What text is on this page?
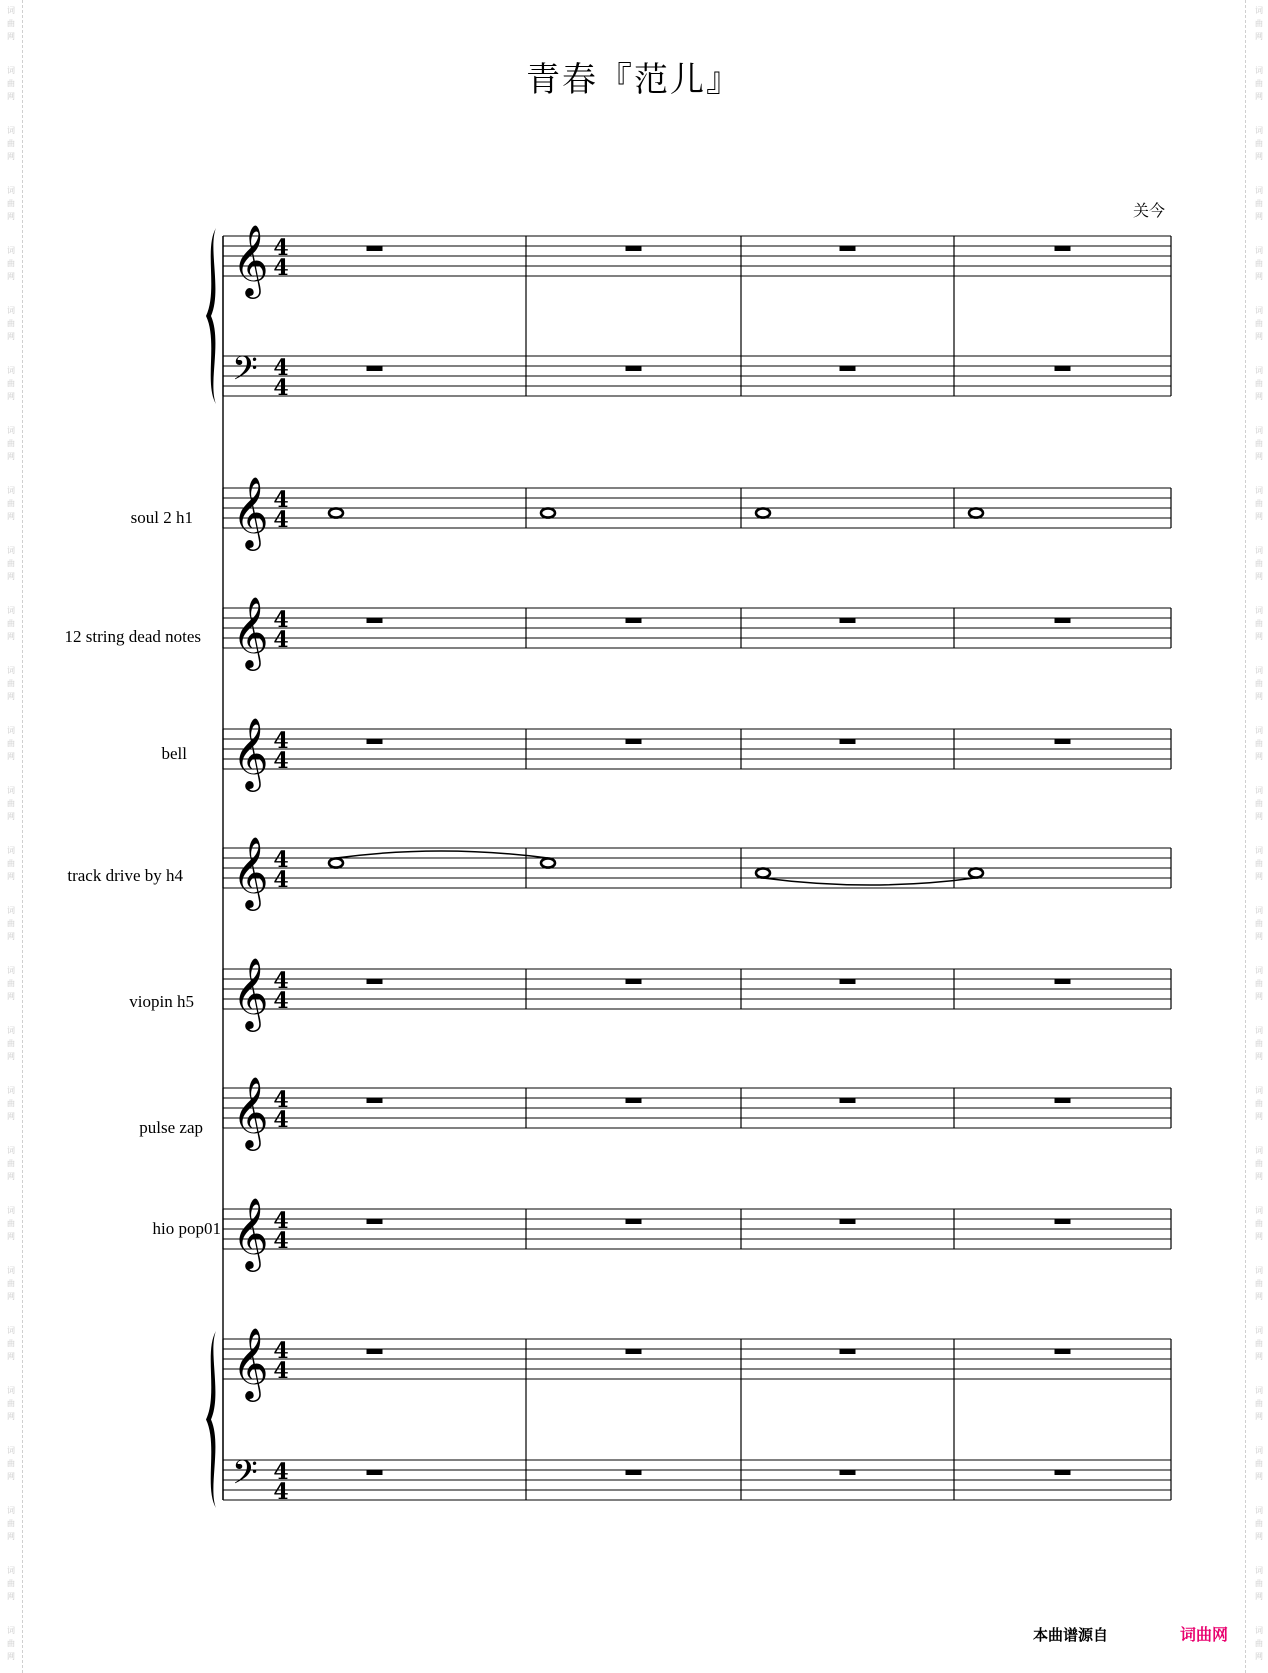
词
曲
网
词
曲
网
词
曲
网
词
曲
网
词
曲
网
词
曲
网
词
曲
网
词
曲
网
词
曲
网
词
曲
网
词
曲
网
词
曲
网
词
曲
网
词
曲
网
词
曲
网
词
曲
网
词
曲
网
词
曲
网
词
曲
网
词
曲
网
词
曲
网
词
曲
网
词
曲
网
词
曲
网
词
曲
网
词
曲
网
词
曲
网
词
曲
网
词
曲
网
词
曲
网
词
曲
网
词
曲
网
词
曲
网
词
曲
网
词
曲
网
词
曲
网
词
曲
网
词
曲
网
词
曲
网
词
曲
网
词
曲
网
词
曲
网
词
曲
网
词
曲
网
词
曲
网
词
曲
网
词
曲
网
词
曲
网
词
曲
网
词
曲
网
词
曲
网
词
曲
网
词
曲
网
词
曲
网
词
曲
网
词
曲
网
青春『范儿』
关今
𝄞
𝄢
4
4
4
4
𝄞 4
4
𝄞 4
4
𝄞 4
4
𝄞 4
4
𝄞 4
4
𝄞 4
4
𝄞 4
4
𝄞
𝄢
4
4
4
4
本曲谱源自	词曲网
soul 2 h1
12 string dead notes
bell
track drive by h4
viopin h5
pulse zap
hio pop01
